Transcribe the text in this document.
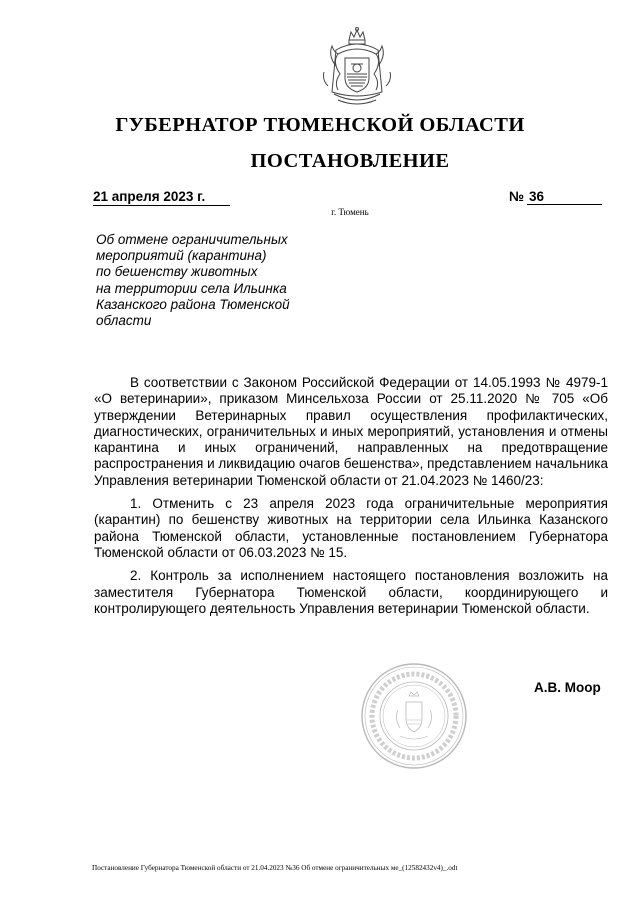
ГУБЕРНАТОР ТЮМЕНСКОЙ ОБЛАСТИ
ПОСТАНОВЛЕНИЕ
21 апреля 2023 г.	№ 36
г. Тюмень
Об отмене ограничительных
мероприятий (карантина)
по бешенству животных
на территории села Ильинка
Казанского района Тюменской
области

В соответствии с Законом Российской Федерации от 14.05.1993 № 4979-1 «О ветеринарии», приказом Минсельхоза России от 25.11.2020 № 705 «Об утверждении Ветеринарных правил осуществления профилактических, диагностических, ограничительных и иных мероприятий, установления и отмены карантина и иных ограничений, направленных на предотвращение распространения и ликвидацию очагов бешенства», представлением начальника Управления ветеринарии Тюменской области от 21.04.2023 № 1460/23:

1. Отменить с 23 апреля 2023 года ограничительные мероприятия (карантин) по бешенству животных на территории села Ильинка Казанского района Тюменской области, установленные постановлением Губернатора Тюменской области от 06.03.2023 № 15.

2. Контроль за исполнением настоящего постановления возложить на заместителя Губернатора Тюменской области, координирующего и контролирующего деятельность Управления ветеринарии Тюменской области.

А.В. Моор
Постановление Губернатора Тюменской области от 21.04.2023 №36 Об отмене ограничительных ме_(12582432v4)_.odt
